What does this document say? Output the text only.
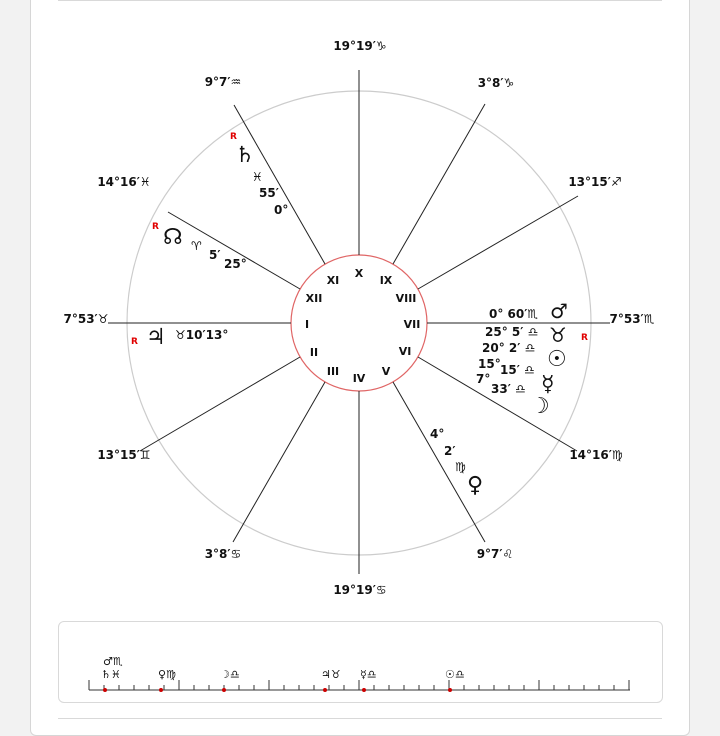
19°19′♑
3°8′♑
13°15′♐
7°53′♏
14°16′♍
9°7′♌
19°19′♋
3°8′♋
13°15′♊
7°53′♉
14°16′♓
9°7′♒
X
IX
VIII
VII
VI
V
IV
III
II
I
XII
XI
R
♄
♓
55′
0°
R ☊ ♈
5′
25°
R ♃ ♉10′13°
0° 60′♏ ♂
25° 5′ ♎ ♉ R
20° 2′ ♎ ☉
15° 15′ ♎
☿
7°
33′ ♎
☽
4°
2′
♍
♀
♂♏
♄♓	♀♍	☽♎	♃♉ ☿♎	☉♎
